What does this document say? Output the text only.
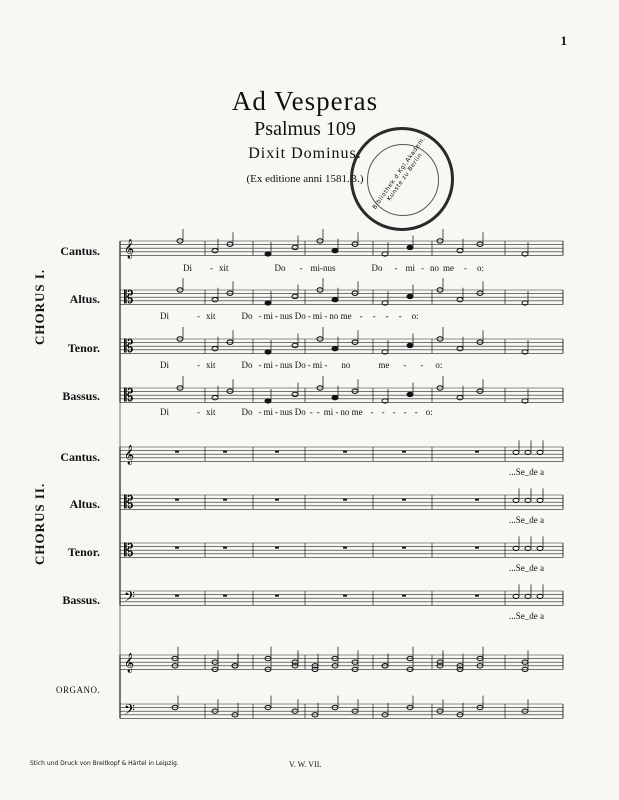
1
Ad Vesperas
Psalmus 109
Dixit Dominus.
(Ex editione anni 1581.B.)	Bibliothek d.Kgl.Akadem. Kunste zu Berlin
CHORUS I.
Cantus.
Altus.
Tenor.
Bassus.
CHORUS II.
Cantus.
Altus.
Tenor.
Bassus.
ORGANO.
Di - xit	Do - mi-nus	Do - mi - no me - o:
Di	- xit	Do - mi - nus Do - mi - no me - - - - o:
Di	- xit	Do - mi - nus Do - mi - no	me - - o:
Di	- xit	Do - mi - nus Do - - mi - no me - - - - - o:
...Se_de a
...Se_de a
...Se_de a
...Se_de a
𝄞
𝄡
𝄡
𝄡
𝄞
𝄡
𝄡
𝄢
𝄞
𝄢
Stich und Druck von Breitkopf & Härtel in Leipzig.	V. W. VII.
